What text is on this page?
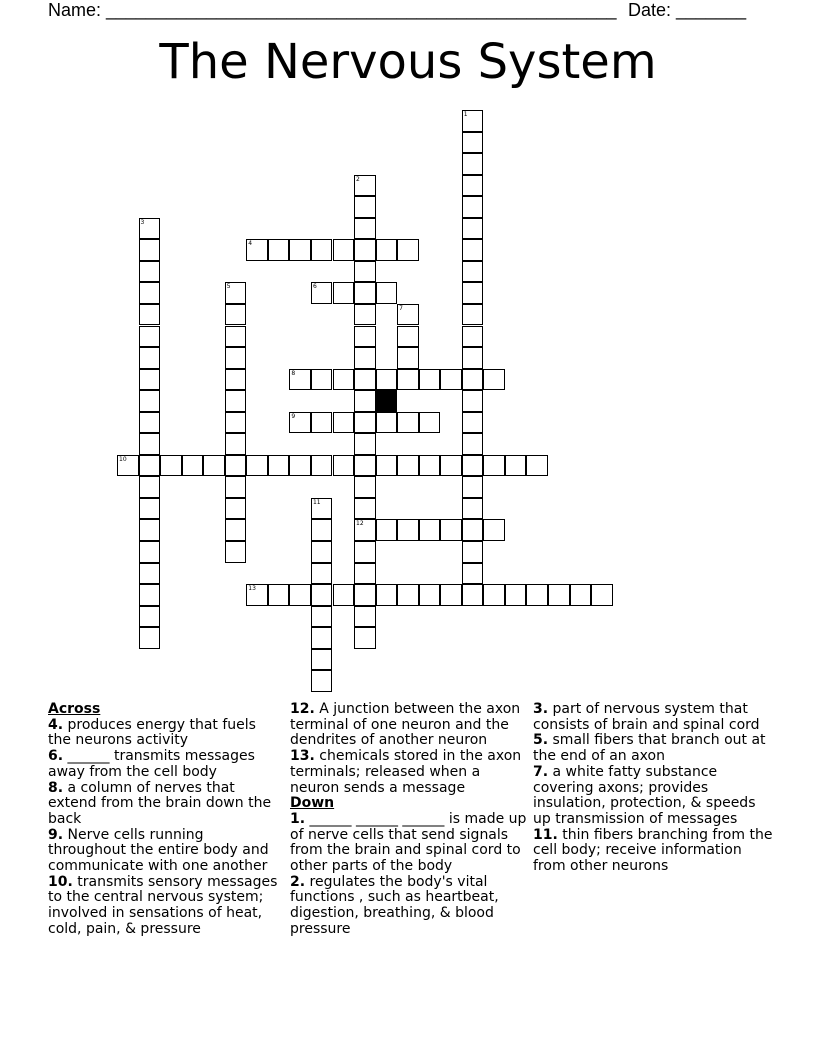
Name: ___________________________________________________ Date: _______
The Nervous System
1
2
3
4
5	6
7
8
9
10
11
12
13
Across

4. produces energy that fuels the neurons activity

6. ______ transmits messages away from the cell body

8. a column of nerves that extend from the brain down the back

9. Nerve cells running throughout the entire body and communicate with one another

10. transmits sensory messages to the central nervous system; involved in sensations of heat, cold, pain, & pressure

12. A junction between the axon terminal of one neuron and the dendrites of another neuron

13. chemicals stored in the axon terminals; released when a neuron sends a message

Down

1. ______ ______ ______ is made up of nerve cells that send signals from the brain and spinal cord to other parts of the body

2. regulates the body's vital functions , such as heartbeat, digestion, breathing, & blood pressure

3. part of nervous system that consists of brain and spinal cord

5. small fibers that branch out at the end of an axon

7. a white fatty substance covering axons; provides insulation, protection, & speeds up transmission of messages

11. thin fibers branching from the cell body; receive information from other neurons
